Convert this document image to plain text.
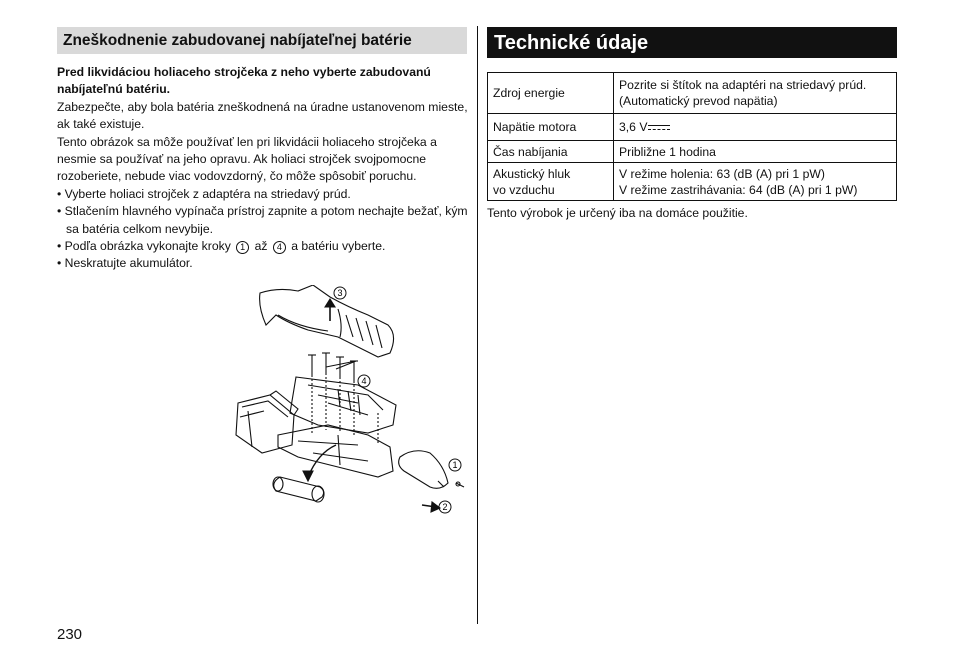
Zneškodnenie zabudovanej nabíjateľnej batérie

Pred likvidáciou holiaceho strojčeka z neho vyberte zabudovanú nabíjateľnú batériu.

Zabezpečte, aby bola batéria zneškodnená na úradne ustanovenom mieste, ak také existuje.

Tento obrázok sa môže používať len pri likvidácii holiaceho strojčeka a nesmie sa používať na jeho opravu. Ak holiaci strojček svojpomocne rozoberiete, nebude viac vodovzdorný, čo môže spôsobiť poruchu.

• Vyberte holiaci strojček z adaptéra na striedavý prúd.
• Stlačením hlavného vypínača prístroj zapnite a potom nechajte bežať, kým sa batéria celkom nevybije.
• Podľa obrázka vykonajte kroky 1 až 4 a batériu vyberte.
• Neskratujte akumulátor.
3
4
1
2
Technické údaje
Zdroj energie	Pozrite si štítok na adaptéri na striedavý prúd.
(Automatický prevod napätia)
Napätie motora	3,6 V
Čas nabíjania	Približne 1 hodina
Akustický hluk
vo vzduchu	V režime holenia: 63 (dB (A) pri 1 pW)
V režime zastrihávania: 64 (dB (A) pri 1 pW)
Tento výrobok je určený iba na domáce použitie.
230
